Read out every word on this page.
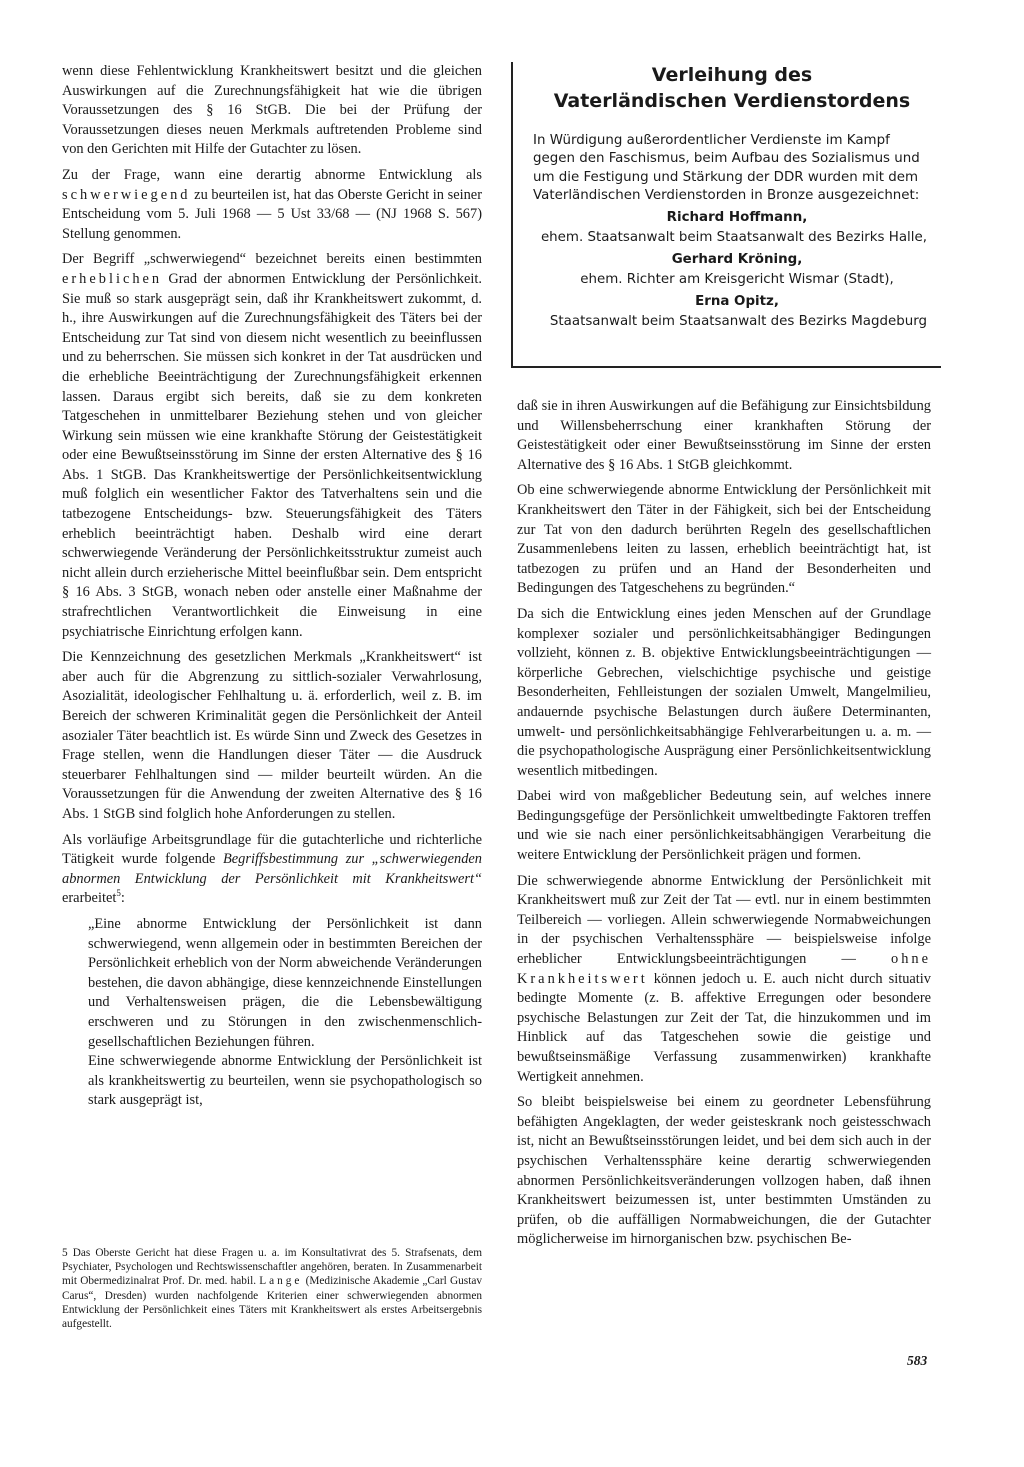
wenn diese Fehlentwicklung Krankheitswert besitzt und die gleichen Auswirkungen auf die Zurechnungsfähigkeit hat wie die übrigen Voraussetzungen des § 16 StGB. Die bei der Prüfung der Voraussetzungen dieses neuen Merkmals auftretenden Probleme sind von den Gerichten mit Hilfe der Gutachter zu lösen.

Zu der Frage, wann eine derartig abnorme Entwicklung als schwerwiegend zu beurteilen ist, hat das Oberste Gericht in seiner Entscheidung vom 5. Juli 1968 — 5 Ust 33/68 — (NJ 1968 S. 567) Stellung genommen.

Der Begriff „schwerwiegend“ bezeichnet bereits einen bestimmten erheblichen Grad der abnormen Entwicklung der Persönlichkeit. Sie muß so stark ausgeprägt sein, daß ihr Krankheitswert zukommt, d. h., ihre Auswirkungen auf die Zurechnungsfähigkeit des Täters bei der Entscheidung zur Tat sind von diesem nicht wesentlich zu beeinflussen und zu beherrschen. Sie müssen sich konkret in der Tat ausdrücken und die erhebliche Beeinträchtigung der Zurechnungsfähigkeit erkennen lassen. Daraus ergibt sich bereits, daß sie zu dem konkreten Tatgeschehen in unmittelbarer Beziehung stehen und von gleicher Wirkung sein müssen wie eine krankhafte Störung der Geistestätigkeit oder eine Bewußtseinsstörung im Sinne der ersten Alternative des § 16 Abs. 1 StGB. Das Krankheitswertige der Persönlichkeitsentwicklung muß folglich ein wesentlicher Faktor des Tatverhaltens sein und die tatbezogene Entscheidungs- bzw. Steuerungsfähigkeit des Täters erheblich beeinträchtigt haben. Deshalb wird eine derart schwerwiegende Veränderung der Persönlichkeitsstruktur zumeist auch nicht allein durch erzieherische Mittel beeinflußbar sein. Dem entspricht § 16 Abs. 3 StGB, wonach neben oder anstelle einer Maßnahme der strafrechtlichen Verantwortlichkeit die Einweisung in eine psychiatrische Einrichtung erfolgen kann.

Die Kennzeichnung des gesetzlichen Merkmals „Krankheitswert“ ist aber auch für die Abgrenzung zu sittlich-sozialer Verwahrlosung, Asozialität, ideologischer Fehlhaltung u. ä. erforderlich, weil z. B. im Bereich der schweren Kriminalität gegen die Persönlichkeit der Anteil asozialer Täter beachtlich ist. Es würde Sinn und Zweck des Gesetzes in Frage stellen, wenn die Handlungen dieser Täter — die Ausdruck steuerbarer Fehlhaltungen sind — milder beurteilt würden. An die Voraussetzungen für die Anwendung der zweiten Alternative des § 16 Abs. 1 StGB sind folglich hohe Anforderungen zu stellen.

Als vorläufige Arbeitsgrundlage für die gutachterliche und richterliche Tätigkeit wurde folgende Begriffsbestimmung zur „schwerwiegenden abnormen Entwicklung der Persönlichkeit mit Krankheitswert“ erarbeitet$^5$:

„Eine abnorme Entwicklung der Persönlichkeit ist dann schwerwiegend, wenn allgemein oder in bestimmten Bereichen der Persönlichkeit erheblich von der Norm abweichende Veränderungen bestehen, die davon abhängige, diese kennzeichnende Einstellungen und Verhaltensweisen prägen, die die Lebensbewältigung erschweren und zu Störungen in den zwischenmenschlich-gesellschaftlichen Beziehungen führen.

Eine schwerwiegende abnorme Entwicklung der Persönlichkeit ist als krankheitswertig zu beurteilen, wenn sie psychopathologisch so stark ausgeprägt ist,

5 Das Oberste Gericht hat diese Fragen u. a. im Konsultativrat des 5. Strafsenats, dem Psychiater, Psychologen und Rechtswissenschaftler angehören, beraten. In Zusammenarbeit mit Obermedizinalrat Prof. Dr. med. habil. Lange (Medizinische Akademie „Carl Gustav Carus“, Dresden) wurden nachfolgende Kriterien einer schwerwiegenden abnormen Entwicklung der Persönlichkeit eines Täters mit Krankheitswert als erstes Arbeitsergebnis aufgestellt.
Verleihung des
Vaterländischen Verdienstordens

In Würdigung außerordentlicher Verdienste im Kampf gegen den Faschismus, beim Aufbau des Sozialismus und um die Festigung und Stärkung der DDR wurden mit dem Vaterländischen Verdienstorden in Bronze ausgezeichnet:

Richard Hoffmann,
ehem. Staatsanwalt beim Staatsanwalt des Bezirks Halle,
Gerhard Kröning,
ehem. Richter am Kreisgericht Wismar (Stadt),
Erna Opitz,
Staatsanwalt beim Staatsanwalt des Bezirks Magdeburg

daß sie in ihren Auswirkungen auf die Befähigung zur Einsichtsbildung und Willensbeherrschung einer krankhaften Störung der Geistestätigkeit oder einer Bewußtseinsstörung im Sinne der ersten Alternative des § 16 Abs. 1 StGB gleichkommt.

Ob eine schwerwiegende abnorme Entwicklung der Persönlichkeit mit Krankheitswert den Täter in der Fähigkeit, sich bei der Entscheidung zur Tat von den dadurch berührten Regeln des gesellschaftlichen Zusammenlebens leiten zu lassen, erheblich beeinträchtigt hat, ist tatbezogen zu prüfen und an Hand der Besonderheiten und Bedingungen des Tatgeschehens zu begründen.“

Da sich die Entwicklung eines jeden Menschen auf der Grundlage komplexer sozialer und persönlichkeitsabhängiger Bedingungen vollzieht, können z. B. objektive Entwicklungsbeeinträchtigungen — körperliche Gebrechen, vielschichtige psychische und geistige Besonderheiten, Fehlleistungen der sozialen Umwelt, Mangelmilieu, andauernde psychische Belastungen durch äußere Determinanten, umwelt- und persönlichkeitsabhängige Fehlverarbeitungen u. a. m. — die psychopathologische Ausprägung einer Persönlichkeitsentwicklung wesentlich mitbedingen.

Dabei wird von maßgeblicher Bedeutung sein, auf welches innere Bedingungsgefüge der Persönlichkeit umweltbedingte Faktoren treffen und wie sie nach einer persönlichkeitsabhängigen Verarbeitung die weitere Entwicklung der Persönlichkeit prägen und formen.

Die schwerwiegende abnorme Entwicklung der Persönlichkeit mit Krankheitswert muß zur Zeit der Tat — evtl. nur in einem bestimmten Teilbereich — vorliegen. Allein schwerwiegende Normabweichungen in der psychischen Verhaltenssphäre — beispielsweise infolge erheblicher Entwicklungsbeeinträchtigungen — ohne Krankheitswert können jedoch u. E. auch nicht durch situativ bedingte Momente (z. B. affektive Erregungen oder besondere psychische Belastungen zur Zeit der Tat, die hinzukommen und im Hinblick auf das Tatgeschehen sowie die geistige und bewußtseinsmäßige Verfassung zusammenwirken) krankhafte Wertigkeit annehmen.

So bleibt beispielsweise bei einem zu geordneter Lebensführung befähigten Angeklagten, der weder geisteskrank noch geistesschwach ist, nicht an Bewußtseinsstörungen leidet, und bei dem sich auch in der psychischen Verhaltenssphäre keine derartig schwerwiegenden abnormen Persönlichkeitsveränderungen vollzogen haben, daß ihnen Krankheitswert beizumessen ist, unter bestimmten Umständen zu prüfen, ob die auffälligen Normabweichungen, die der Gutachter möglicherweise im hirnorganischen bzw. psychischen Be-

583
